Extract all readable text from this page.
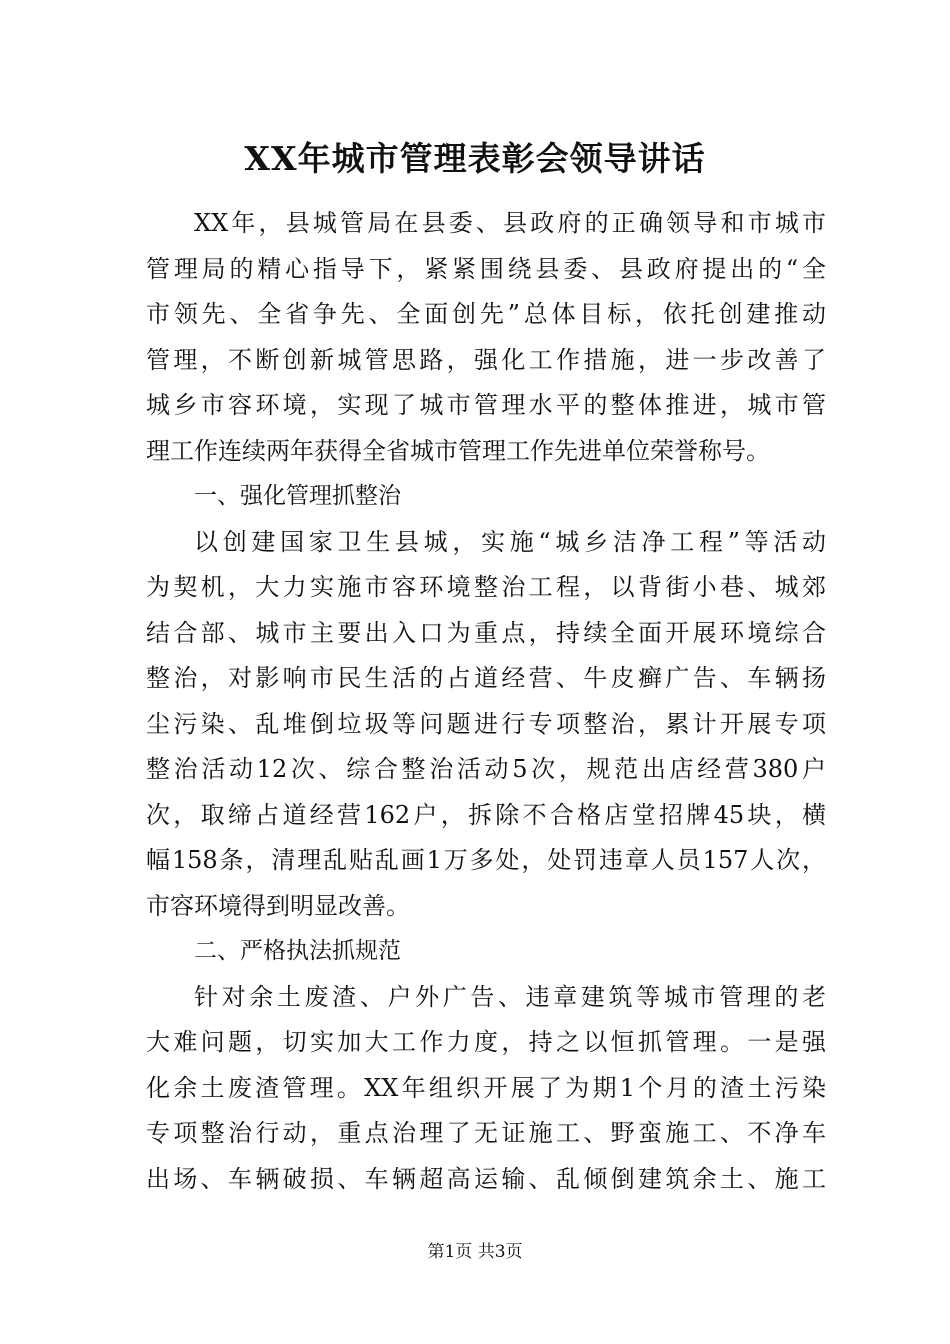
XX年城市管理表彰会领导讲话
XX年，县城管局在县委、县政府的正确领导和市城市
管理局的精心指导下，紧紧围绕县委、县政府提出的“全
市领先、全省争先、全面创先”总体目标，依托创建推动
管理，不断创新城管思路，强化工作措施，进一步改善了
城乡市容环境，实现了城市管理水平的整体推进，城市管
理工作连续两年获得全省城市管理工作先进单位荣誉称号。
一、强化管理抓整治
以创建国家卫生县城，实施“城乡洁净工程”等活动
为契机，大力实施市容环境整治工程，以背街小巷、城郊
结合部、城市主要出入口为重点，持续全面开展环境综合
整治，对影响市民生活的占道经营、牛皮癣广告、车辆扬
尘污染、乱堆倒垃圾等问题进行专项整治，累计开展专项
整治活动12次、综合整治活动5次，规范出店经营380户
次，取缔占道经营162户，拆除不合格店堂招牌45块，横
幅158条，清理乱贴乱画1万多处，处罚违章人员157人次，
市容环境得到明显改善。
二、严格执法抓规范
针对余土废渣、户外广告、违章建筑等城市管理的老
大难问题，切实加大工作力度，持之以恒抓管理。一是强
化余土废渣管理。XX年组织开展了为期1个月的渣土污染
专项整治行动，重点治理了无证施工、野蛮施工、不净车
出场、车辆破损、车辆超高运输、乱倾倒建筑余土、施工
第1页 共3页
